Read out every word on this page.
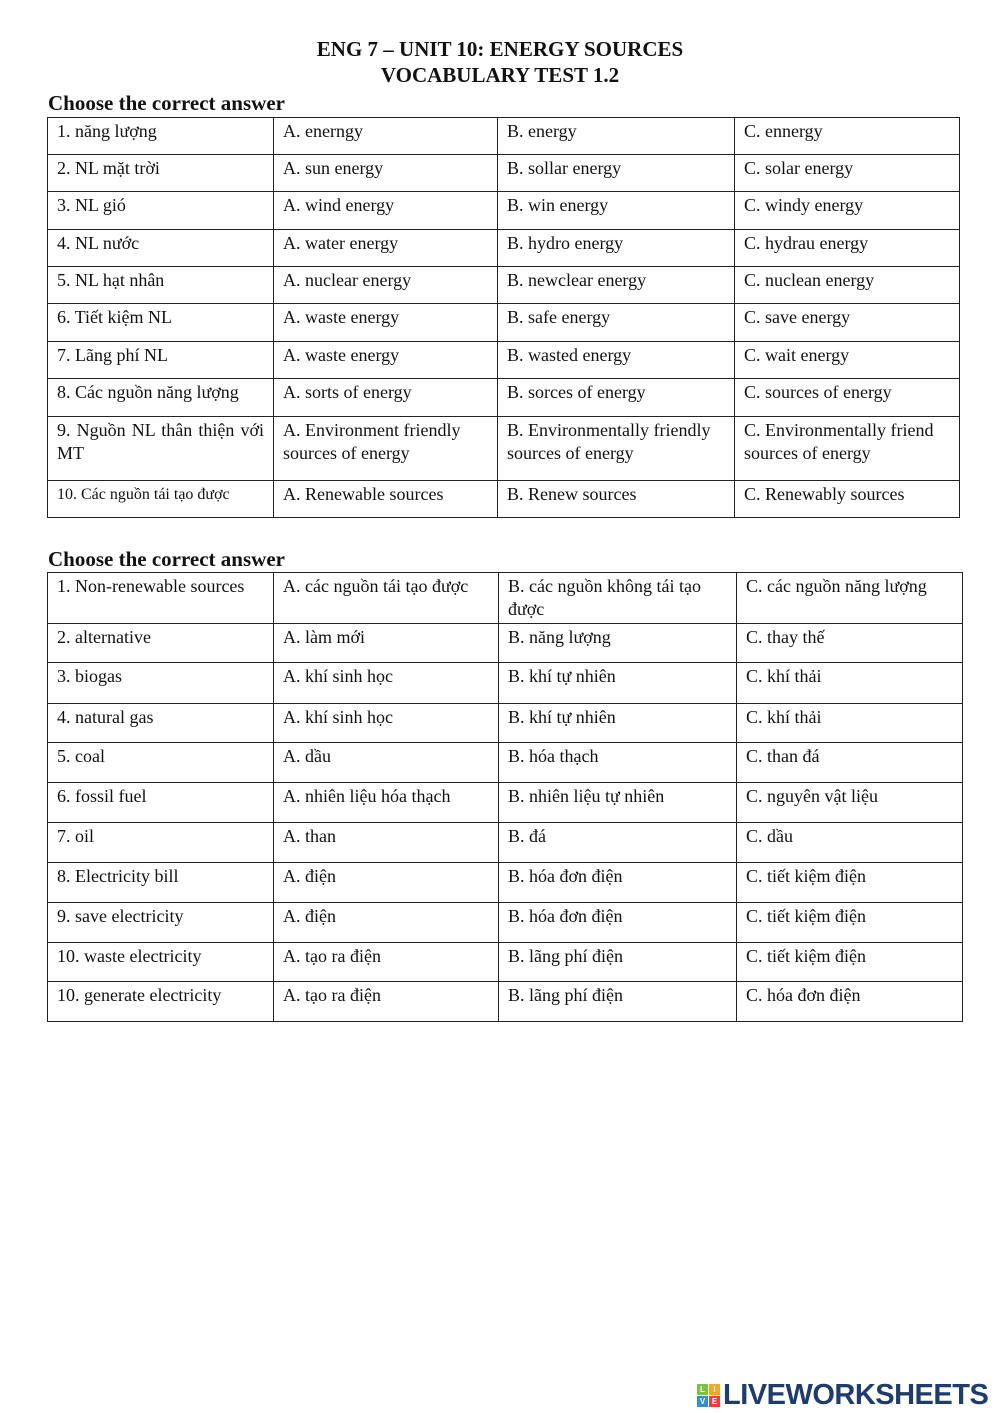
ENG 7 – UNIT 10: ENERGY SOURCES
VOCABULARY TEST 1.2
Choose the correct answer
1. năng lượng	A. enerngy	B. energy	C. ennergy
2. NL mặt trời	A. sun energy	B. sollar energy	C. solar energy
3. NL gió	A. wind energy	B. win energy	C. windy energy
4. NL nước	A. water energy	B. hydro energy	C. hydrau energy
5. NL hạt nhân	A. nuclear energy	B. newclear energy	C. nuclean energy
6. Tiết kiệm NL	A. waste energy	B. safe energy	C. save energy
7. Lãng phí NL	A. waste energy	B. wasted energy	C. wait energy
8. Các nguồn năng lượng	A. sorts of energy	B. sorces of energy	C. sources of energy
9. Nguồn NL thân thiện với MT	A. Environment friendly sources of energy	B. Environmentally friendly sources of energy	C. Environmentally friend sources of energy
10. Các nguồn tái tạo được	A. Renewable sources	B. Renew sources	C. Renewably sources
Choose the correct answer
1. Non-renewable sources	A. các nguồn tái tạo được	B. các nguồn không tái tạo được	C. các nguồn năng lượng
2. alternative	A. làm mới	B. năng lượng	C. thay thế
3. biogas	A. khí sinh học	B. khí tự nhiên	C. khí thải
4. natural gas	A. khí sinh học	B. khí tự nhiên	C. khí thải
5. coal	A. dầu	B. hóa thạch	C. than đá
6. fossil fuel	A. nhiên liệu hóa thạch	B. nhiên liệu tự nhiên	C. nguyên vật liệu
7. oil	A. than	B. đá	C. dầu
8. Electricity bill	A. điện	B. hóa đơn điện	C. tiết kiệm điện
9. save electricity	A. điện	B. hóa đơn điện	C. tiết kiệm điện
10. waste electricity	A. tạo ra điện	B. lãng phí điện	C. tiết kiệm điện
10. generate electricity	A. tạo ra điện	B. lãng phí điện	C. hóa đơn điện
L	I
V E LIVEWORKSHEETS
